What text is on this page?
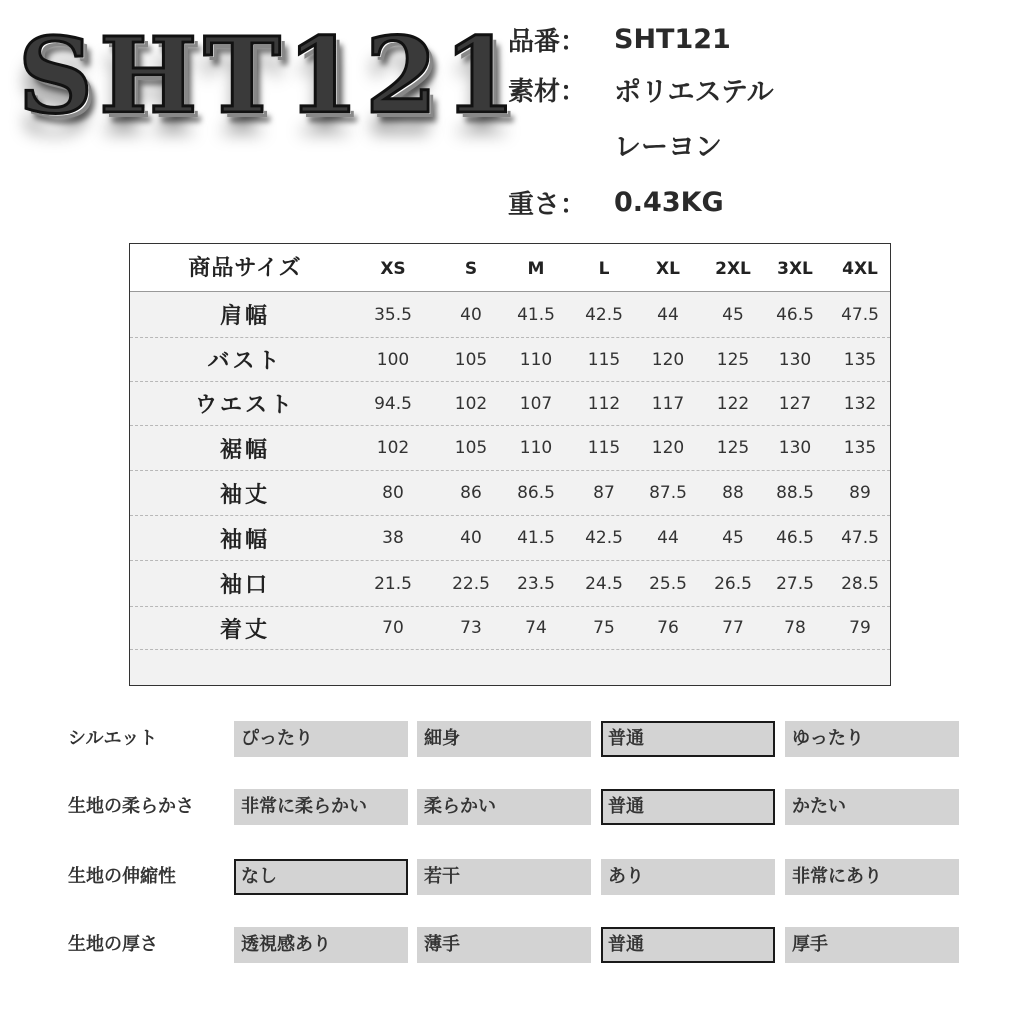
SHT121
品番：	SHT121
素材：	ポリエステル
レーヨン
重さ：	0.43KG
商品サイズ	XS	S	M	L	XL	2XL	3XL	4XL
肩幅	35.5	40	41.5	42.5	44	45	46.5	47.5
バスト	100	105	110	115	120	125	130	135
ウエスト	94.5	102	107	112	117	122	127	132
裾幅	102	105	110	115	120	125	130	135
袖丈	80	86	86.5	87	87.5	88	88.5	89
袖幅	38	40	41.5	42.5	44	45	46.5	47.5
袖口	21.5	22.5	23.5	24.5	25.5	26.5	27.5	28.5
着丈	70	73	74	75	76	77	78	79
シルエット	ぴったり	細身	普通	ゆったり
生地の柔らかさ	非常に柔らかい	柔らかい	普通	かたい
生地の伸縮性	なし	若干	あり	非常にあり
生地の厚さ	透視感あり	薄手	普通	厚手
